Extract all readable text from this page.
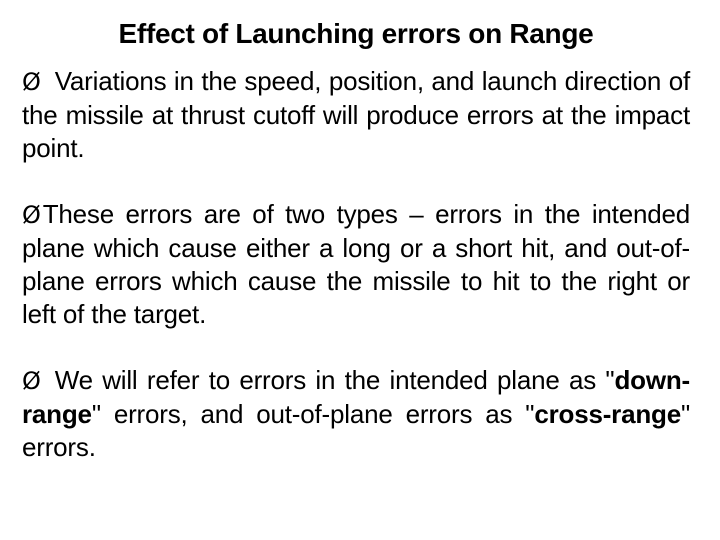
Effect of Launching errors on Range
Ø Variations in the speed, position, and launch direction of the missile at thrust cutoff will produce errors at the impact point.
ØThese errors are of two types – errors in the intended plane which cause either a long or a short hit, and out-of-plane errors which cause the missile to hit to the right or left of the target.
Ø We will refer to errors in the intended plane as "down-range" errors, and out-of-plane errors as "cross-range" errors.
